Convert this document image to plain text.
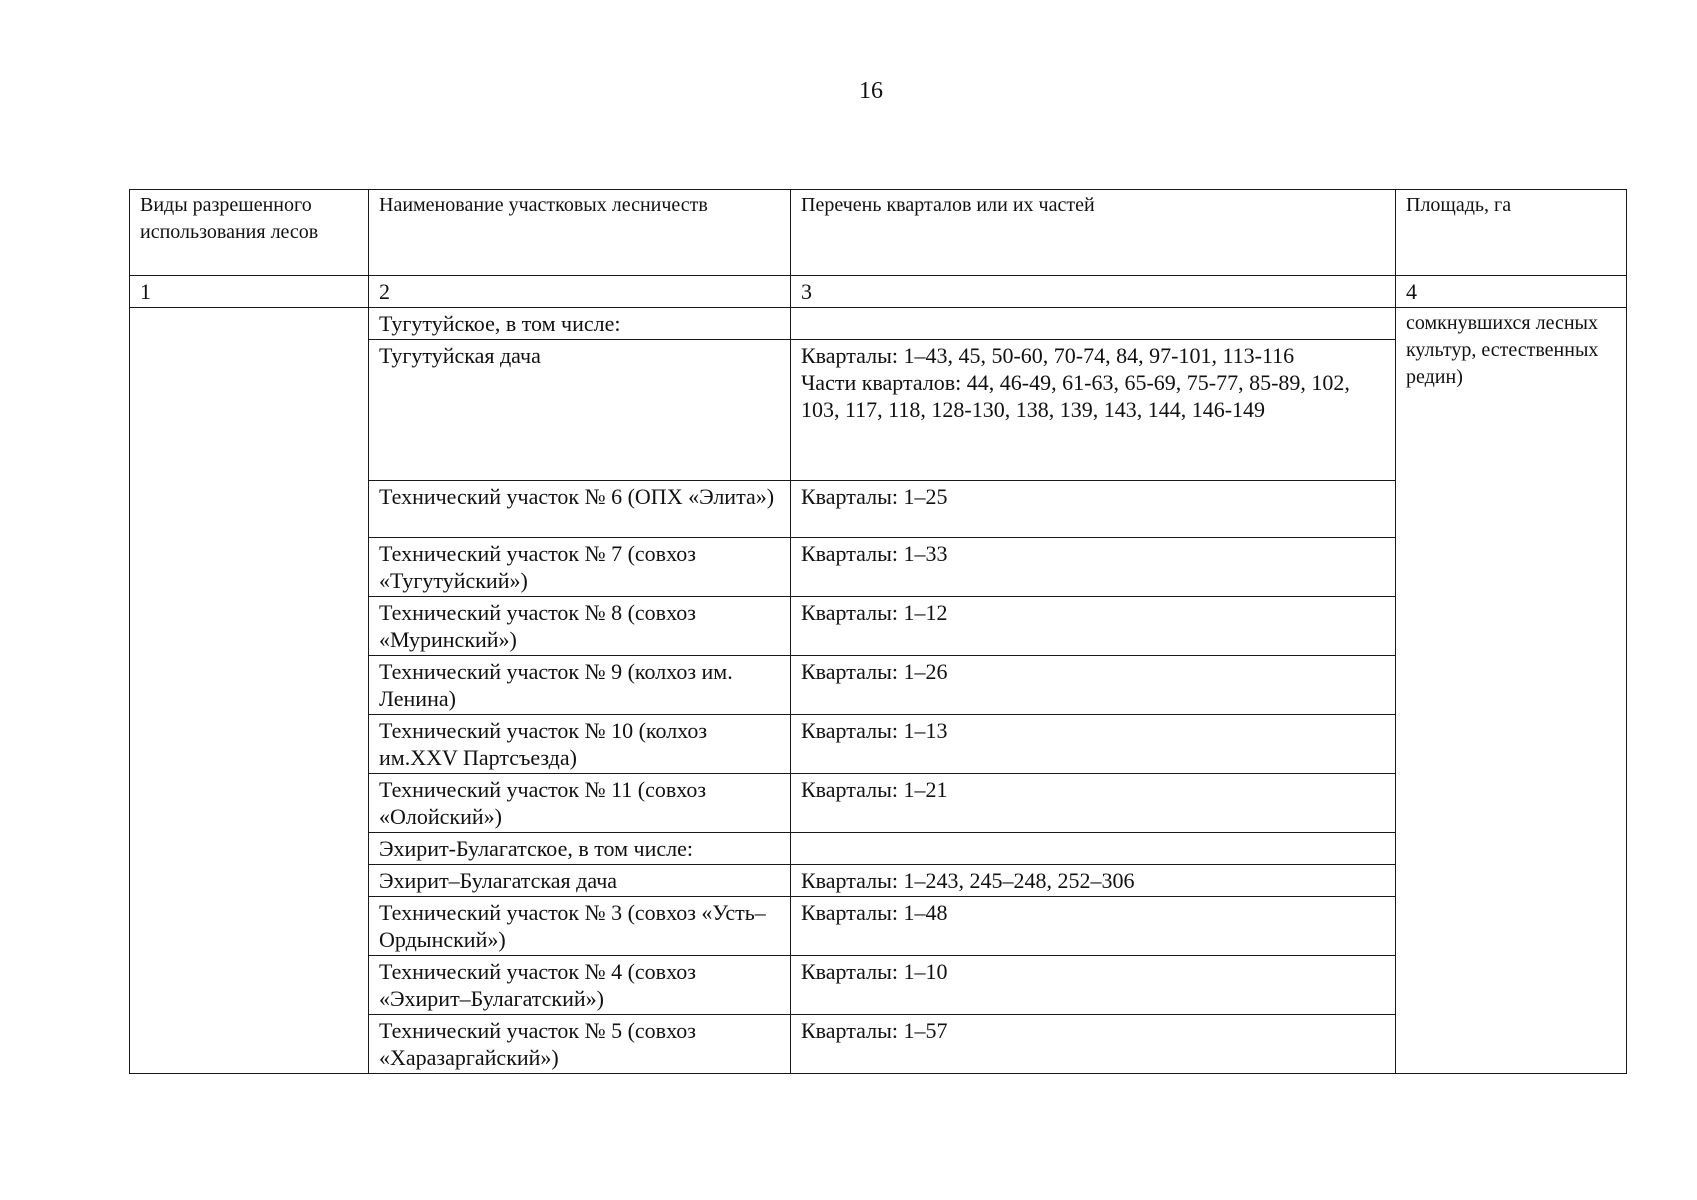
16
Виды разрешенного использования лесов	Наименование участковых лесничеств	Перечень кварталов или их частей	Площадь, га
1	2	3	4
	Тугутуйское, в том числе:		сомкнувшихся лесных культур, естественных редин)
	Тугутуйская дача	Кварталы: 1–43, 45, 50-60, 70-74, 84, 97-101, 113-116
Части кварталов: 44, 46-49, 61-63, 65-69, 75-77, 85-89, 102, 103, 117, 118, 128-130, 138, 139, 143, 144, 146-149	

	Технический участок № 6 (ОПХ «Элита»)	Кварталы: 1–25	
	Технический участок № 7 (совхоз «Тугутуйский»)	Кварталы: 1–33	
	Технический участок № 8 (совхоз «Муринский»)	Кварталы: 1–12	
	Технический участок № 9 (колхоз им. Ленина)	Кварталы: 1–26	
	Технический участок № 10 (колхоз им.XXV Партсъезда)	Кварталы: 1–13	
	Технический участок № 11 (совхоз «Олойский»)	Кварталы: 1–21	
	Эхирит-Булагатское, в том числе:		
	Эхирит–Булагатская дача	Кварталы: 1–243, 245–248, 252–306	
	Технический участок № 3 (совхоз «Усть–Ордынский»)	Кварталы: 1–48	
	Технический участок № 4 (совхоз «Эхирит–Булагатский»)	Кварталы: 1–10	
	Технический участок № 5 (совхоз «Харазаргайский»)	Кварталы: 1–57	
